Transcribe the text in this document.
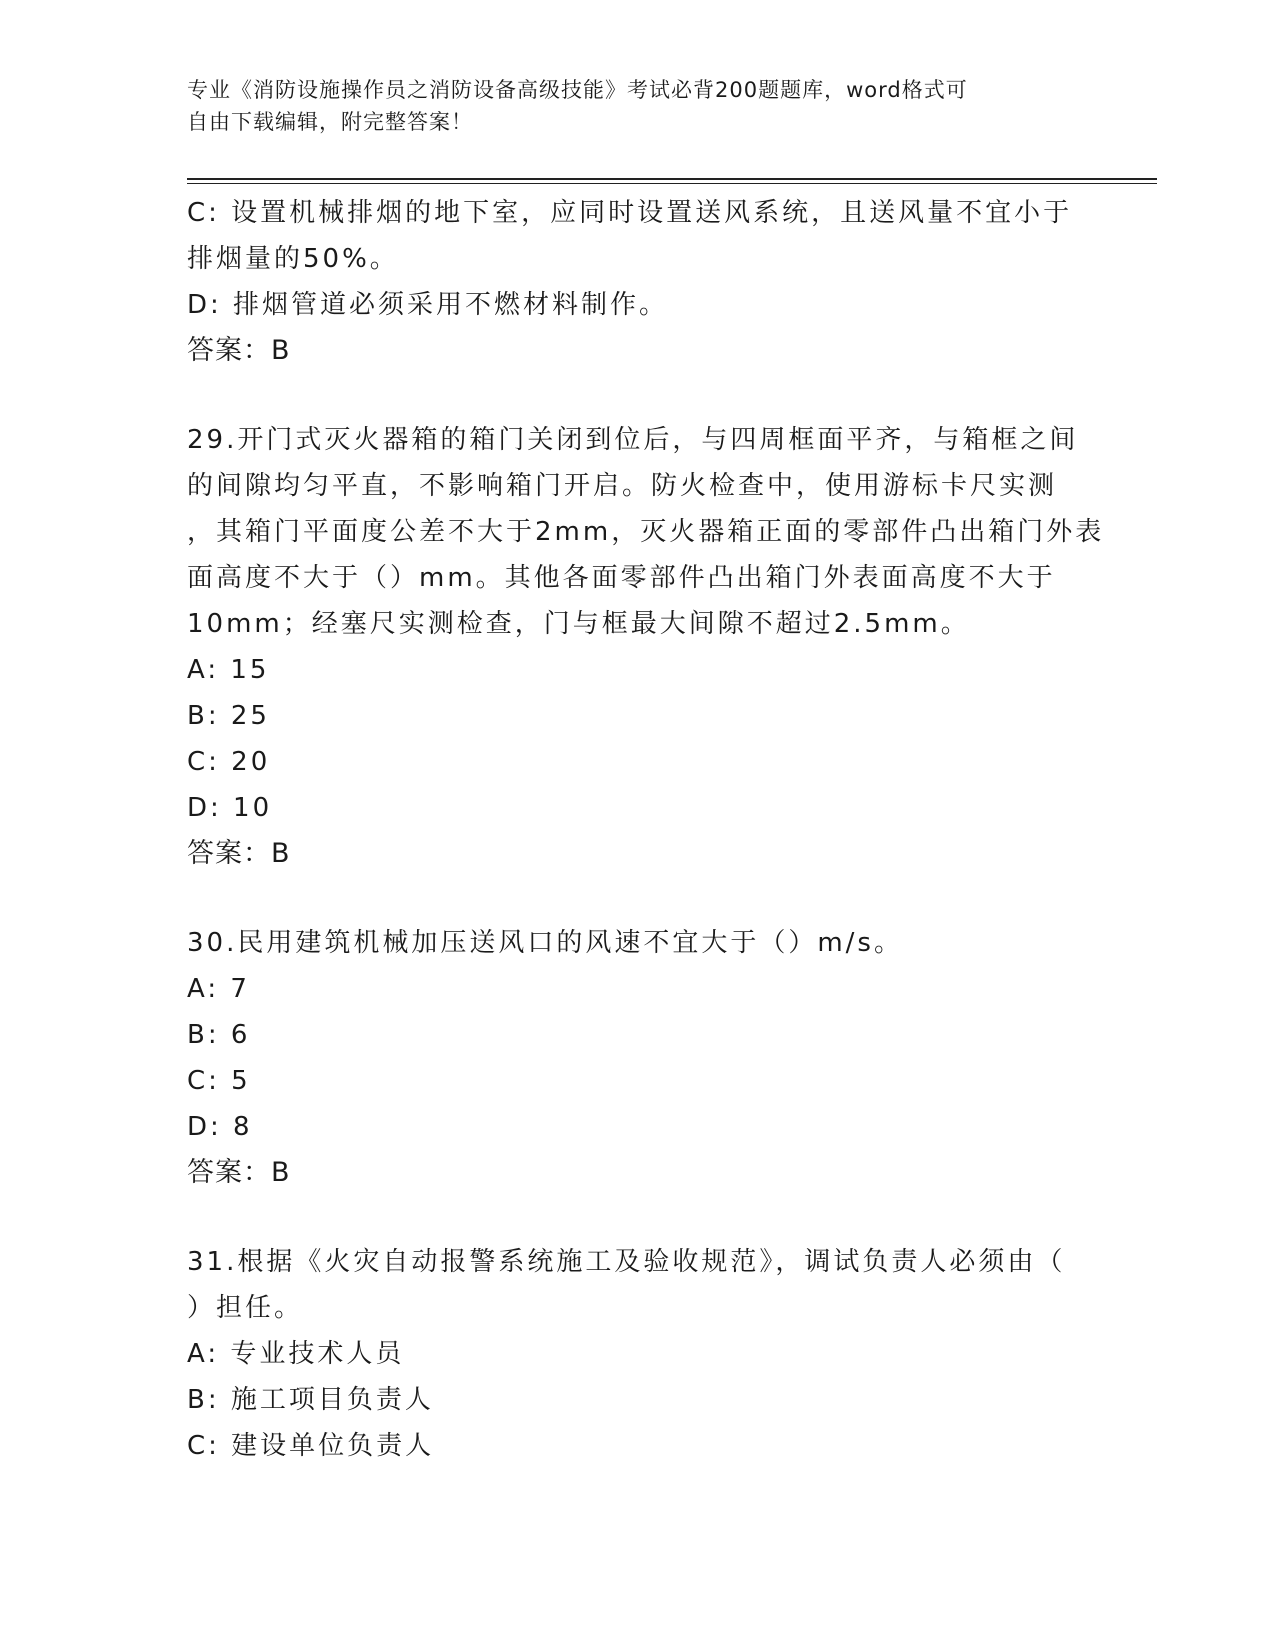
专业《消防设施操作员之消防设备高级技能》考试必背200题题库，word格式可
自由下载编辑，附完整答案！
C: 设置机械排烟的地下室，应同时设置送风系统，且送风量不宜小于
排烟量的50%。
D: 排烟管道必须采用不燃材料制作。
答案：B
29.开门式灭火器箱的箱门关闭到位后，与四周框面平齐，与箱框之间
的间隙均匀平直，不影响箱门开启。防火检查中，使用游标卡尺实测
，其箱门平面度公差不大于2mm，灭火器箱正面的零部件凸出箱门外表
面高度不大于（）mm。其他各面零部件凸出箱门外表面高度不大于
10mm；经塞尺实测检查，门与框最大间隙不超过2.5mm。
A: 15
B: 25
C: 20
D: 10
答案：B
30.民用建筑机械加压送风口的风速不宜大于（）m/s。
A: 7
B: 6
C: 5
D: 8
答案：B
31.根据《火灾自动报警系统施工及验收规范》，调试负责人必须由（
）担任。
A: 专业技术人员
B: 施工项目负责人
C: 建设单位负责人
